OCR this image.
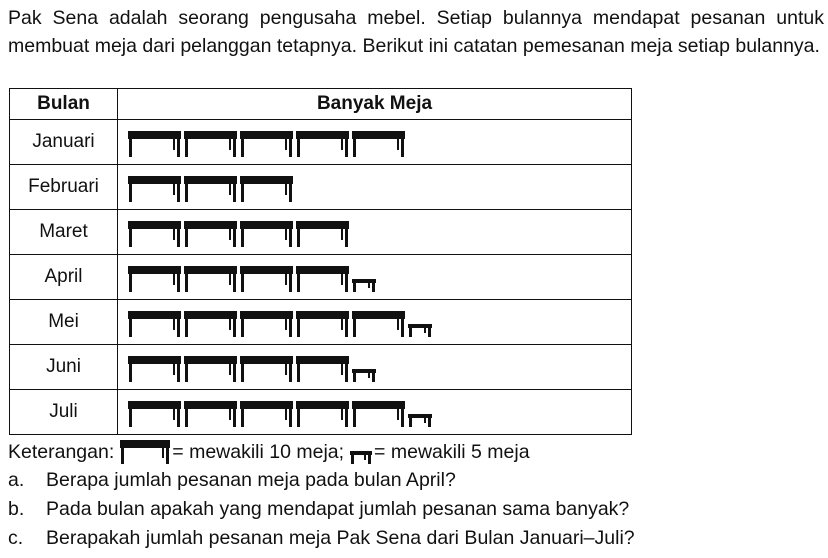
Pak Sena adalah seorang pengusaha mebel. Setiap bulannya mendapat pesanan untuk membuat meja dari pelanggan tetapnya. Berikut ini catatan pemesanan meja setiap bulannya.

Bulan	Banyak Meja
Januari	

Februari	

Maret	

April	

Mei	

Juni	

Juli	
Keterangan:	= mewakili 10 meja; = mewakili 5 meja
a.	Berapa jumlah pesanan meja pada bulan April?
b.	Pada bulan apakah yang mendapat jumlah pesanan sama banyak?
c.	Berapakah jumlah pesanan meja Pak Sena dari Bulan Januari–Juli?
